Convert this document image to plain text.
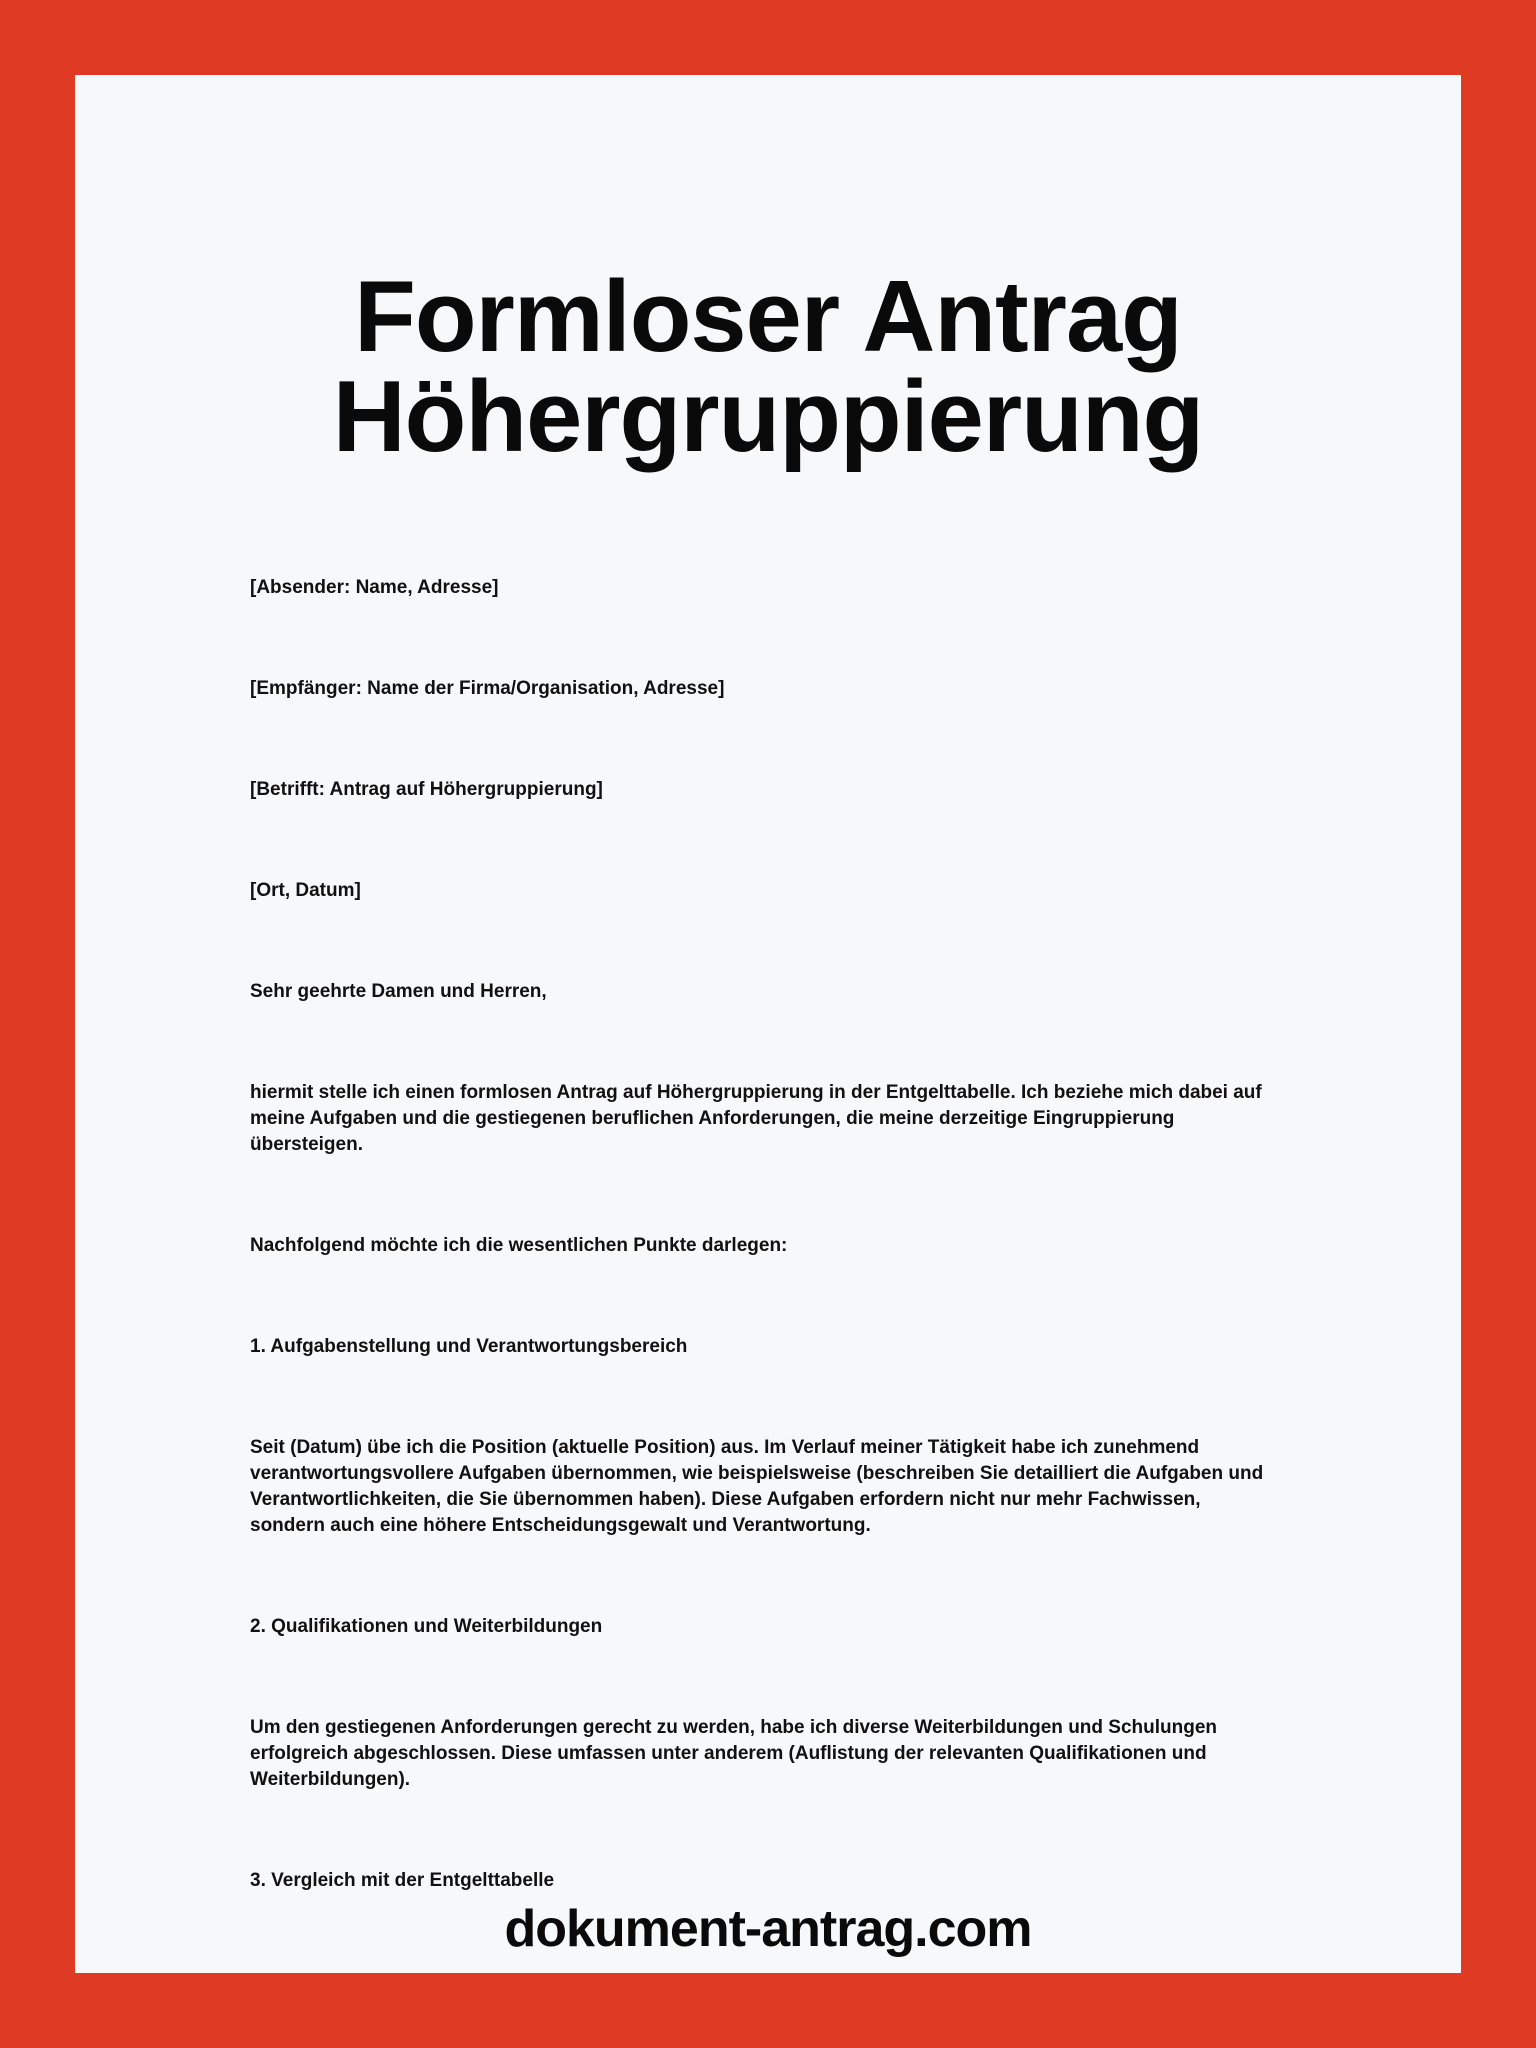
Formloser Antrag
Höhergruppierung
[Absender: Name, Adresse]
[Empfänger: Name der Firma/Organisation, Adresse]
[Betrifft: Antrag auf Höhergruppierung]
[Ort, Datum]
Sehr geehrte Damen und Herren,
hiermit stelle ich einen formlosen Antrag auf Höhergruppierung in der Entgelttabelle. Ich beziehe mich dabei auf meine Aufgaben und die gestiegenen beruflichen Anforderungen, die meine derzeitige Eingruppierung übersteigen.
Nachfolgend möchte ich die wesentlichen Punkte darlegen:
1. Aufgabenstellung und Verantwortungsbereich
Seit (Datum) übe ich die Position (aktuelle Position) aus. Im Verlauf meiner Tätigkeit habe ich zunehmend verantwortungsvollere Aufgaben übernommen, wie beispielsweise (beschreiben Sie detailliert die Aufgaben und Verantwortlichkeiten, die Sie übernommen haben). Diese Aufgaben erfordern nicht nur mehr Fachwissen, sondern auch eine höhere Entscheidungsgewalt und Verantwortung.
2. Qualifikationen und Weiterbildungen
Um den gestiegenen Anforderungen gerecht zu werden, habe ich diverse Weiterbildungen und Schulungen erfolgreich abgeschlossen. Diese umfassen unter anderem (Auflistung der relevanten Qualifikationen und Weiterbildungen).
3. Vergleich mit der Entgelttabelle
dokument-antrag.com
